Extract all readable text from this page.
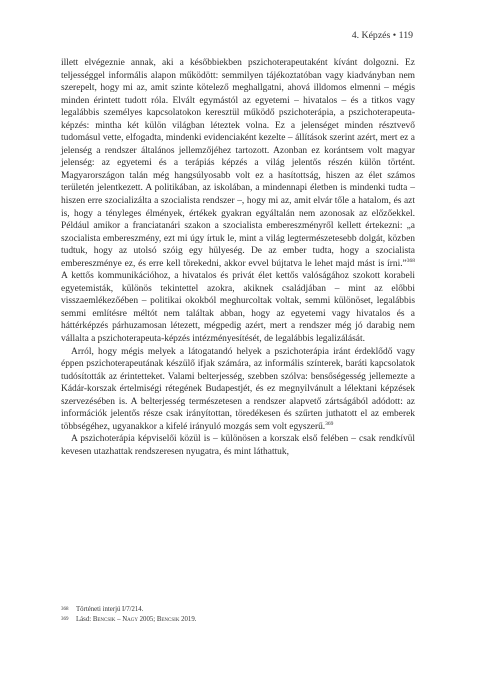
4. Képzés • 119

illett elvégeznie annak, aki a későbbiekben pszichoterapeutaként kívánt dolgozni. Ez teljességgel informális alapon működött: semmilyen tájékoztatóban vagy kiadványban nem szerepelt, hogy mi az, amit szinte kötelező meghallgatni, ahová illdomos elmenni – mégis minden érintett tudott róla. Elvált egymástól az egyetemi – hivatalos – és a titkos vagy legalábbis személyes kapcsolatokon keresztül működő pszichoterápia, a pszichoterapeuta-képzés: mintha két külön világban léteztek volna. Ez a jelenséget minden résztvevő tudomásul vette, elfogadta, mindenki evidenciaként kezelte – állítások szerint azért, mert ez a jelenség a rendszer általános jellemzőjéhez tartozott. Azonban ez korántsem volt magyar jelenség: az egyetemi és a terápiás képzés a világ jelentős részén külön történt. Magyarországon talán még hangsúlyosabb volt ez a hasítottság, hiszen az élet számos területén jelentkezett. A politikában, az iskolában, a mindennapi életben is mindenki tudta – hiszen erre szocializálta a szocialista rendszer –, hogy mi az, amit elvár tőle a hatalom, és azt is, hogy a tényleges élmények, értékek gyakran egyáltalán nem azonosak az előzőekkel. Például amikor a franciatanári szakon a szocialista embereszményről kellett értekezni: „a szocialista embereszmény, ezt mi úgy írtuk le, mint a világ legtermészetesebb dolgát, közben tudtuk, hogy az utolsó szóig egy hülyeség. De az ember tudta, hogy a szocialista embereszménye ez, és erre kell törekedni, akkor evvel bújtatva le lehet majd mást is írni.”$^{368}$ A kettős kommunikációhoz, a hivatalos és privát élet kettős valóságához szokott korabeli egyetemisták, különös tekintettel azokra, akiknek családjában – mint az előbbi visszaemlékezőében – politikai okokból meghurcoltak voltak, semmi különöset, legalábbis semmi említésre méltót nem találtak abban, hogy az egyetemi vagy hivatalos és a háttérképzés párhuzamosan létezett, mégpedig azért, mert a rendszer még jó darabig nem vállalta a pszichoterapeuta-képzés intézményesítését, de legalábbis legalizálását.

Arról, hogy mégis melyek a látogatandó helyek a pszichoterápia iránt érdeklődő vagy éppen pszichoterapeutának készülő ifjak számára, az informális színterek, baráti kapcsolatok tudósították az érintetteket. Valami belterjesség, szebben szólva: bensőségesség jellemezte a Kádár-korszak értelmiségi rétegének Budapestjét, és ez megnyilvánult a lélektani képzések szervezésében is. A belterjesség természetesen a rendszer alapvető zártságából adódott: az információk jelentős része csak irányítottan, töredékesen és szűrten juthatott el az emberek többségéhez, ugyanakkor a kifelé irányuló mozgás sem volt egyszerű.$^{369}$

A pszichoterápia képviselői közül is – különösen a korszak első felében – csak rendkívül kevesen utazhattak rendszeresen nyugatra, és mint láthattuk,

368	Történeti interjú I/7/214.
369	Lásd: Bencsik – Nagy 2005; Bencsik 2019.
